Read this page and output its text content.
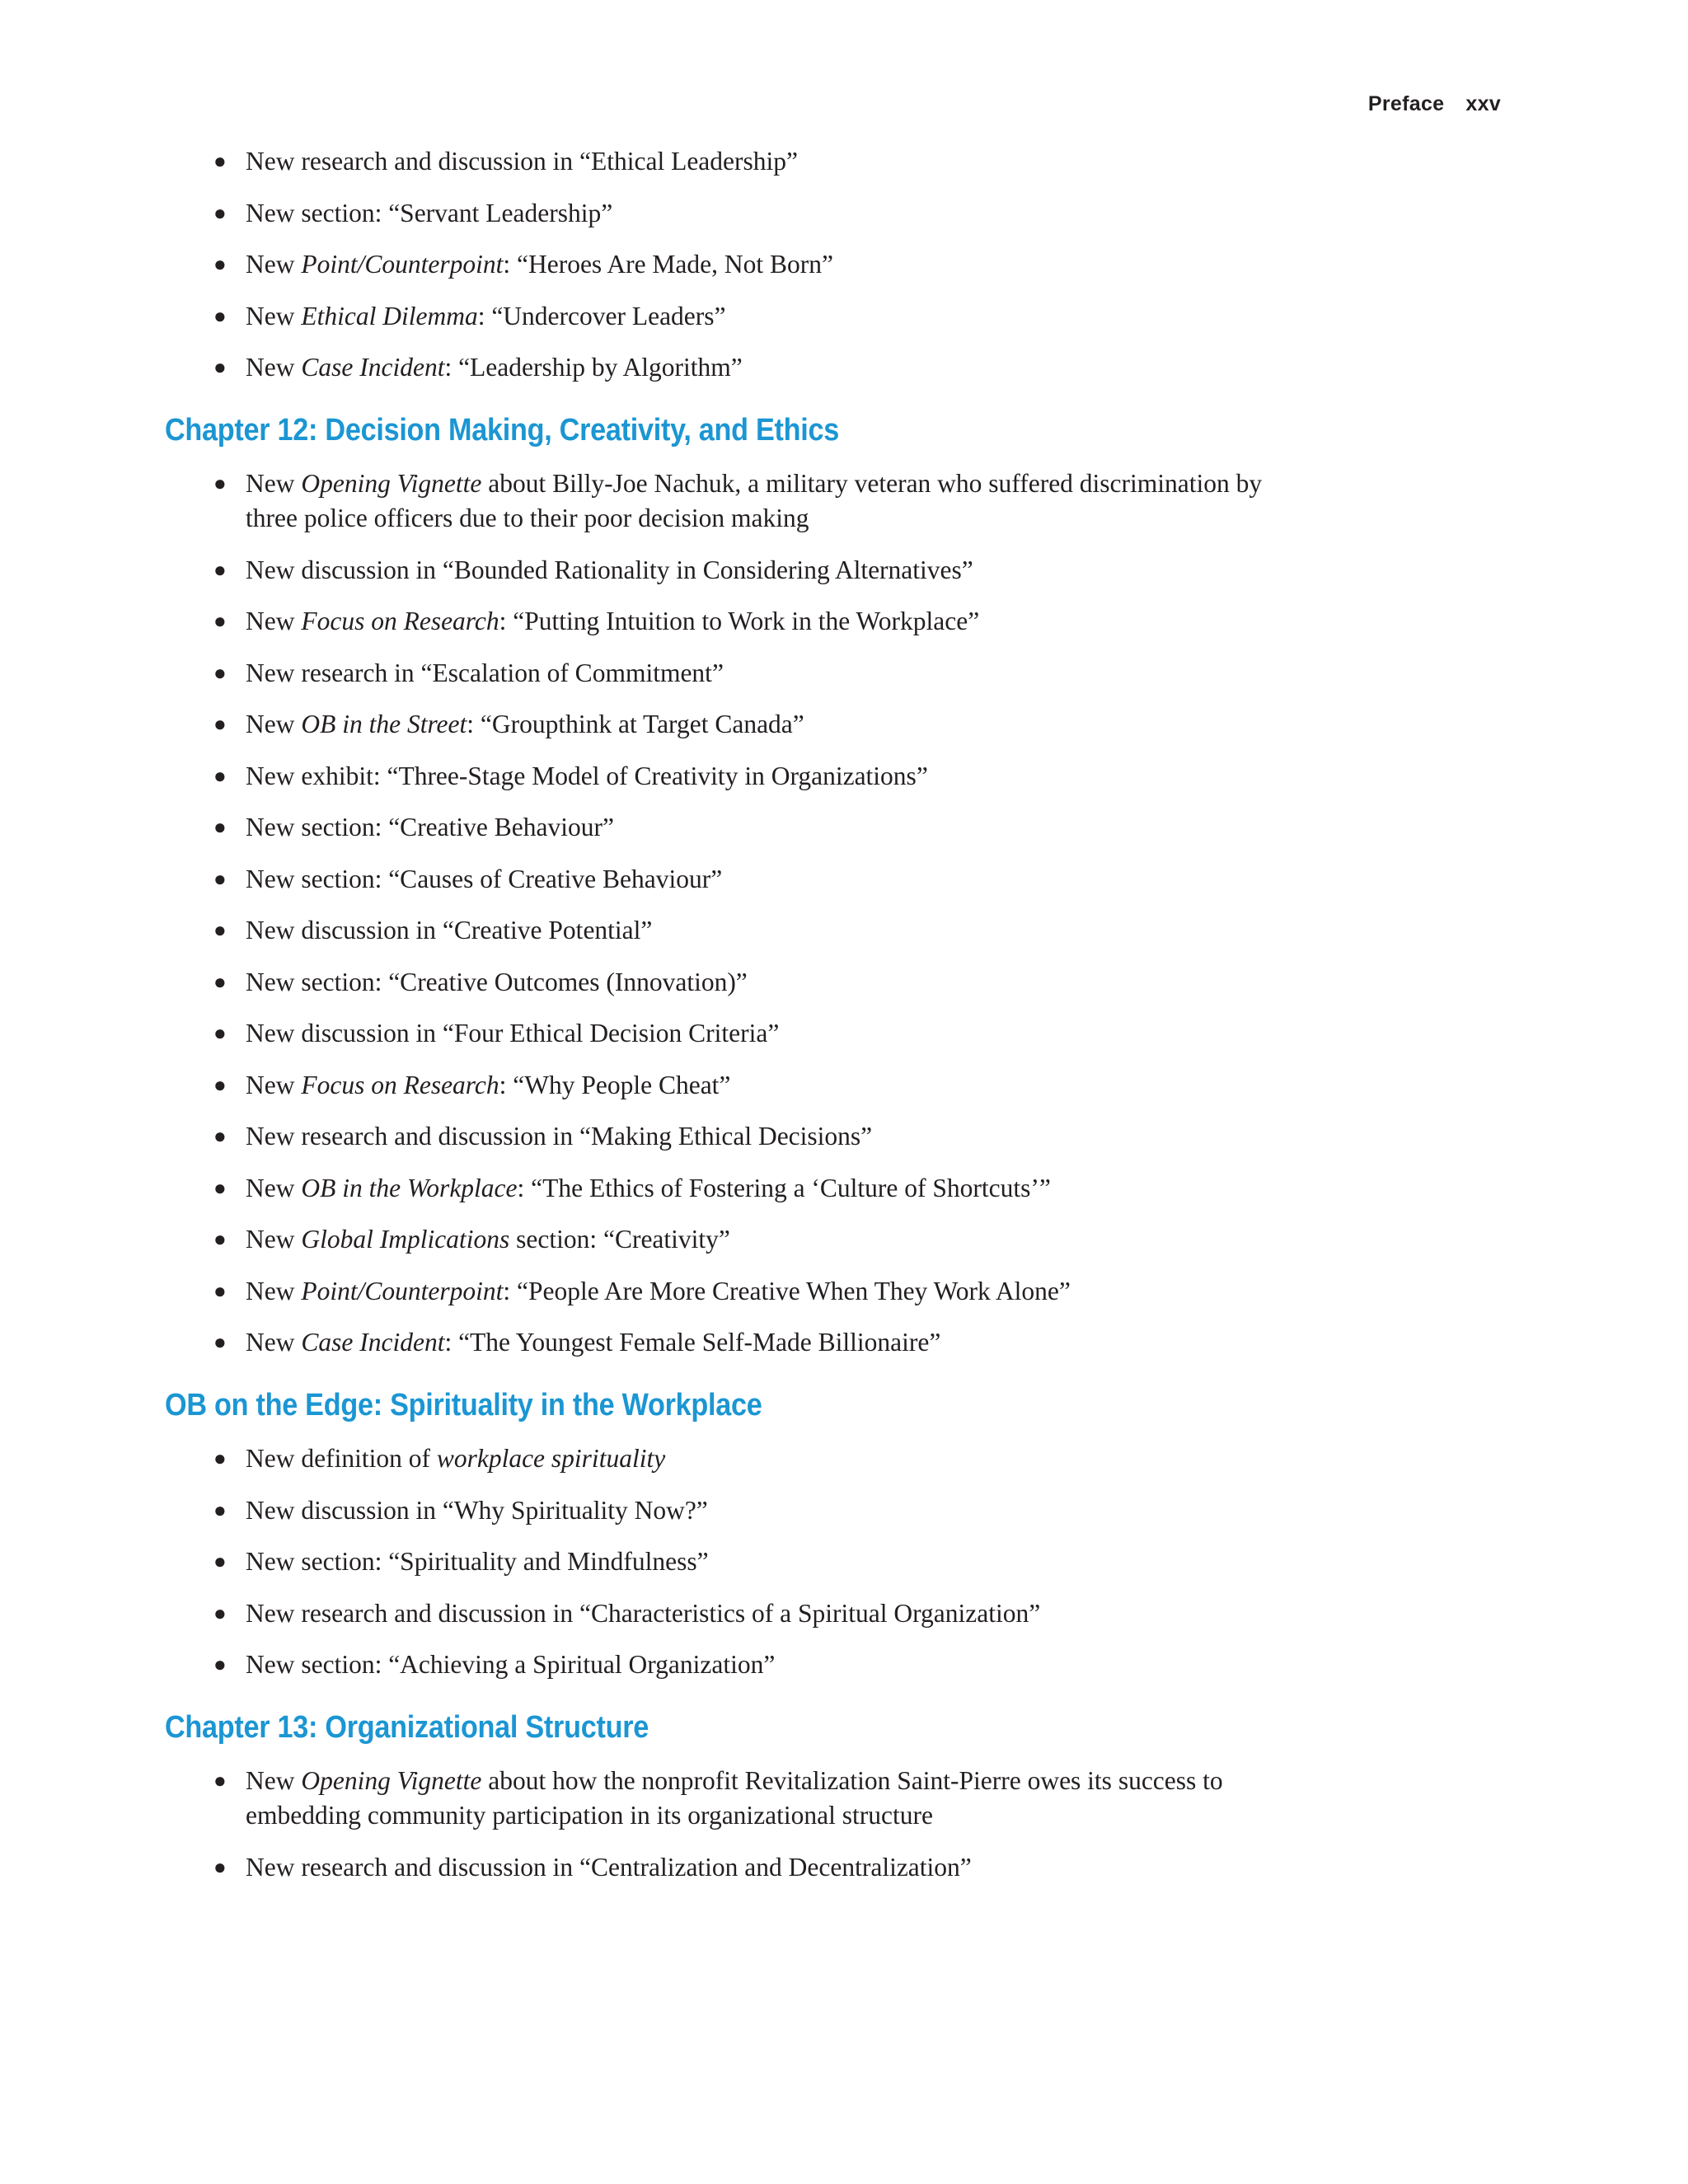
Preface xxv
● New research and discussion in “Ethical Leadership”
● New section: “Servant Leadership”
● New Point/Counterpoint: “Heroes Are Made, Not Born”
● New Ethical Dilemma: “Undercover Leaders”
● New Case Incident: “Leadership by Algorithm”
Chapter 12: Decision Making, Creativity, and Ethics
● New Opening Vignette about Billy-Joe Nachuk, a military veteran who suffered discrimination by three police officers due to their poor decision making
● New discussion in “Bounded Rationality in Considering Alternatives”
● New Focus on Research: “Putting Intuition to Work in the Workplace”
● New research in “Escalation of Commitment”
● New OB in the Street: “Groupthink at Target Canada”
● New exhibit: “Three-Stage Model of Creativity in Organizations”
● New section: “Creative Behaviour”
● New section: “Causes of Creative Behaviour”
● New discussion in “Creative Potential”
● New section: “Creative Outcomes (Innovation)”
● New discussion in “Four Ethical Decision Criteria”
● New Focus on Research: “Why People Cheat”
● New research and discussion in “Making Ethical Decisions”
● New OB in the Workplace: “The Ethics of Fostering a ‘Culture of Shortcuts’”
● New Global Implications section: “Creativity”
● New Point/Counterpoint: “People Are More Creative When They Work Alone”
● New Case Incident: “The Youngest Female Self-Made Billionaire”
OB on the Edge: Spirituality in the Workplace
● New definition of workplace spirituality
● New discussion in “Why Spirituality Now?”
● New section: “Spirituality and Mindfulness”
● New research and discussion in “Characteristics of a Spiritual Organization”
● New section: “Achieving a Spiritual Organization”
Chapter 13: Organizational Structure
● New Opening Vignette about how the nonprofit Revitalization Saint-Pierre owes its success to embedding community participation in its organizational structure
● New research and discussion in “Centralization and Decentralization”
